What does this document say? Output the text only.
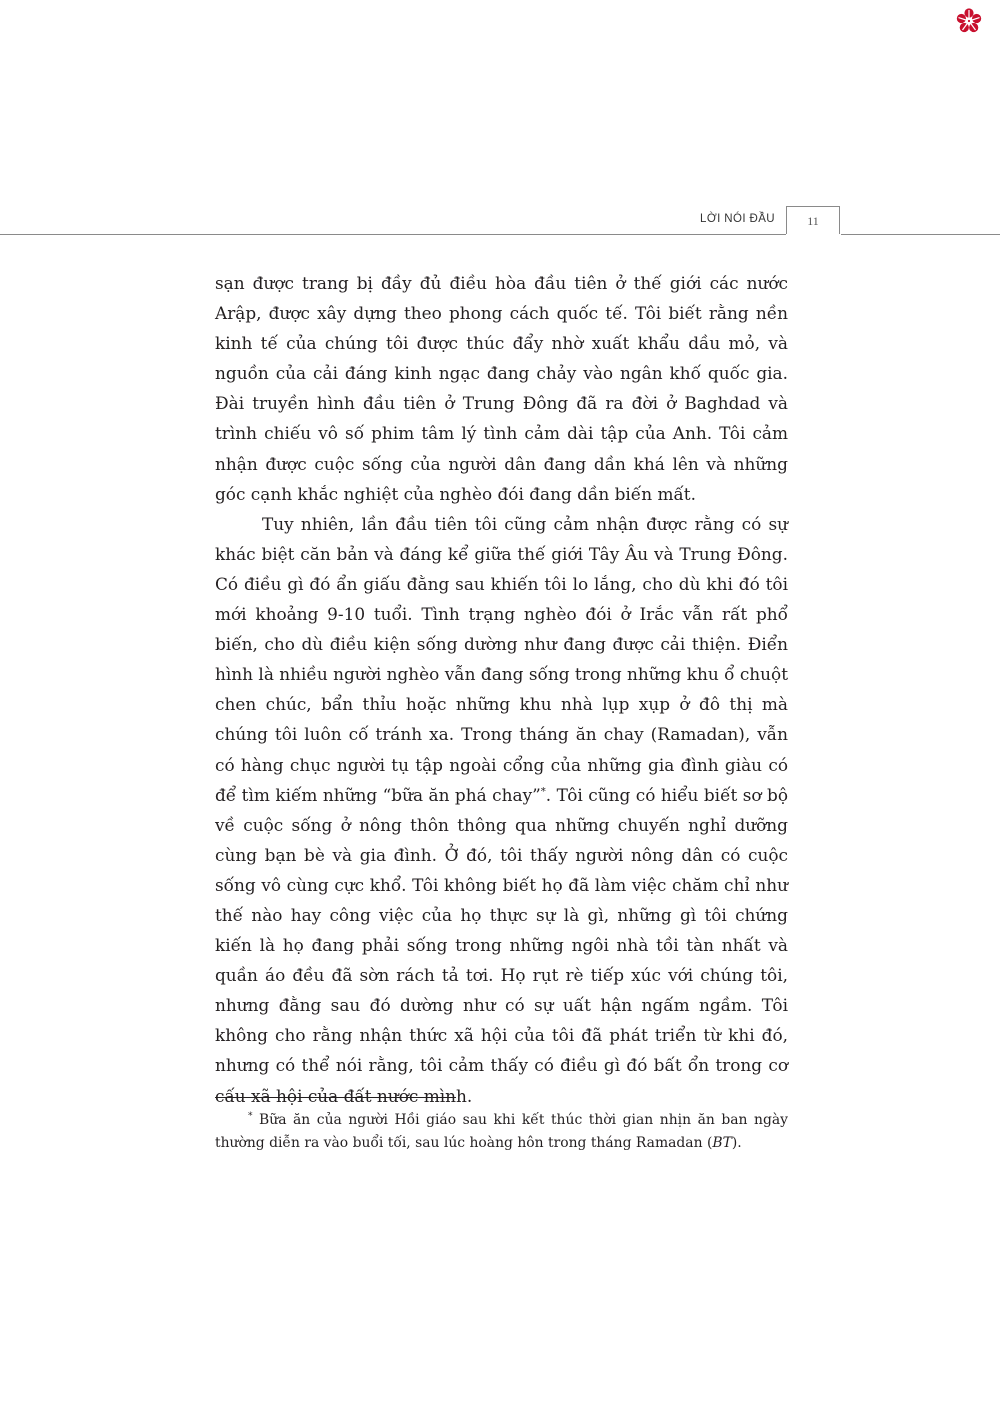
LỜI NÓI ĐẦU	11

sạn được trang bị đầy đủ điều hòa đầu tiên ở thế giới các nước Arập, được xây dựng theo phong cách quốc tế. Tôi biết rằng nền kinh tế của chúng tôi được thúc đẩy nhờ xuất khẩu dầu mỏ, và nguồn của cải đáng kinh ngạc đang chảy vào ngân khố quốc gia. Đài truyền hình đầu tiên ở Trung Đông đã ra đời ở Baghdad và trình chiếu vô số phim tâm lý tình cảm dài tập của Anh. Tôi cảm nhận được cuộc sống của người dân đang dần khá lên và những góc cạnh khắc nghiệt của nghèo đói đang dần biến mất.

Tuy nhiên, lần đầu tiên tôi cũng cảm nhận được rằng có sự khác biệt căn bản và đáng kể giữa thế giới Tây Âu và Trung Đông. Có điều gì đó ẩn giấu đằng sau khiến tôi lo lắng, cho dù khi đó tôi mới khoảng 9-10 tuổi. Tình trạng nghèo đói ở Irắc vẫn rất phổ biến, cho dù điều kiện sống dường như đang được cải thiện. Điển hình là nhiều người nghèo vẫn đang sống trong những khu ổ chuột chen chúc, bẩn thỉu hoặc những khu nhà lụp xụp ở đô thị mà chúng tôi luôn cố tránh xa. Trong tháng ăn chay (Ramadan), vẫn có hàng chục người tụ tập ngoài cổng của những gia đình giàu có để tìm kiếm những “bữa ăn phá chay”*. Tôi cũng có hiểu biết sơ bộ về cuộc sống ở nông thôn thông qua những chuyến nghỉ dưỡng cùng bạn bè và gia đình. Ở đó, tôi thấy người nông dân có cuộc sống vô cùng cực khổ. Tôi không biết họ đã làm việc chăm chỉ như thế nào hay công việc của họ thực sự là gì, những gì tôi chứng kiến là họ đang phải sống trong những ngôi nhà tồi tàn nhất và quần áo đều đã sờn rách tả tơi. Họ rụt rè tiếp xúc với chúng tôi, nhưng đằng sau đó dường như có sự uất hận ngấm ngầm. Tôi không cho rằng nhận thức xã hội của tôi đã phát triển từ khi đó, nhưng có thể nói rằng, tôi cảm thấy có điều gì đó bất ổn trong cơ cấu xã hội của đất nước mình.

* Bữa ăn của người Hồi giáo sau khi kết thúc thời gian nhịn ăn ban ngày thường diễn ra vào buổi tối, sau lúc hoàng hôn trong tháng Ramadan (BT).
